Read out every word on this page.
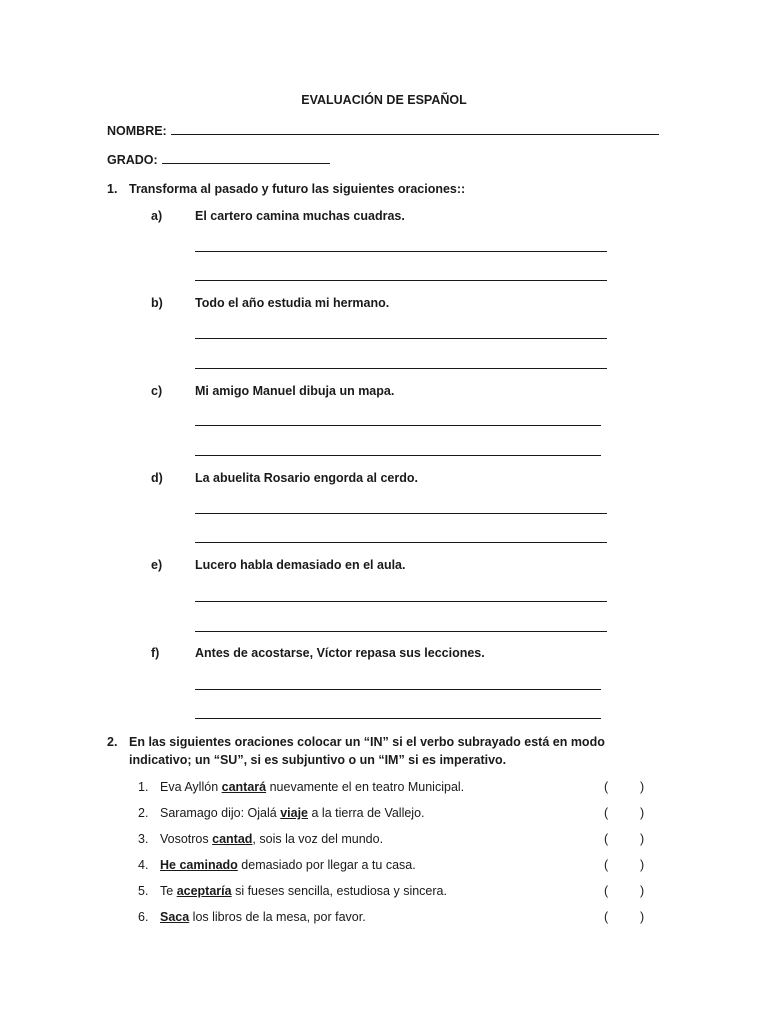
EVALUACIÓN DE ESPAÑOL
NOMBRE:
GRADO:
1. Transforma al pasado y futuro las siguientes oraciones::
a)	El cartero camina muchas cuadras.
b)	Todo el año estudia mi hermano.
c)	Mi amigo Manuel dibuja un mapa.
d)	La abuelita Rosario engorda al cerdo.
e)	Lucero habla demasiado en el aula.
f)	Antes de acostarse, Víctor repasa sus lecciones.
2. En las siguientes oraciones colocar un “IN” si el verbo subrayado está en modo indicativo; un “SU”, si es subjuntivo o un “IM” si es imperativo.
1. Eva Ayllón cantará nuevamente el en teatro Municipal.	(	)
2. Saramago dijo: Ojalá viaje a la tierra de Vallejo.	(	)
3. Vosotros cantad, sois la voz del mundo.	(	)
4. He caminado demasiado por llegar a tu casa.	(	)
5. Te aceptaría si fueses sencilla, estudiosa y sincera.	(	)
6. Saca los libros de la mesa, por favor.	(	)
